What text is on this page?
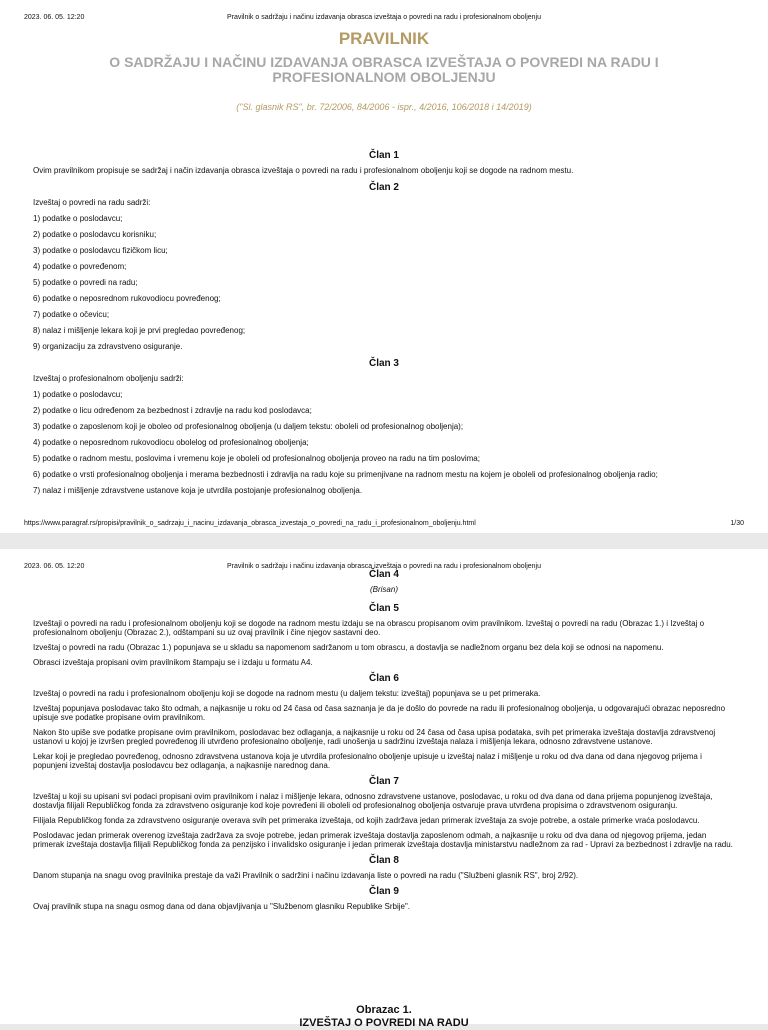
2023. 06. 05. 12:20	Pravilnik o sadržaju i načinu izdavanja obrasca izveštaja o povredi na radu i profesionalnom oboljenju
PRAVILNIK
O SADRŽAJU I NAČINU IZDAVANJA OBRASCA IZVEŠTAJA O POVREDI NA RADU I PROFESIONALNOM OBOLJENJU
("Sl. glasnik RS", br. 72/2006, 84/2006 - ispr., 4/2016, 106/2018 i 14/2019)
Član 1
Ovim pravilnikom propisuje se sadržaj i način izdavanja obrasca izveštaja o povredi na radu i profesionalnom oboljenju koji se dogode na radnom mestu.
Član 2
Izveštaj o povredi na radu sadrži:
1) podatke o poslodavcu;
2) podatke o poslodavcu korisniku;
3) podatke o poslodavcu fizičkom licu;
4) podatke o povređenom;
5) podatke o povredi na radu;
6) podatke o neposrednom rukovodiocu povređenog;
7) podatke o očevicu;
8) nalaz i mišljenje lekara koji je prvi pregledao povređenog;
9) organizaciju za zdravstveno osiguranje.
Član 3
Izveštaj o profesionalnom oboljenju sadrži:
1) podatke o poslodavcu;
2) podatke o licu određenom za bezbednost i zdravlje na radu kod poslodavca;
3) podatke o zaposlenom koji je oboleo od profesionalnog oboljenja (u daljem tekstu: oboleli od profesionalnog oboljenja);
4) podatke o neposrednom rukovodiocu obolelog od profesionalnog oboljenja;
5) podatke o radnom mestu, poslovima i vremenu koje je oboleli od profesionalnog oboljenja proveo na radu na tim poslovima;
6) podatke o vrsti profesionalnog oboljenja i merama bezbednosti i zdravlja na radu koje su primenjivane na radnom mestu na kojem je oboleli od profesionalnog oboljenja radio;
7) nalaz i mišljenje zdravstvene ustanove koja je utvrdila postojanje profesionalnog oboljenja.
https://www.paragraf.rs/propisi/pravilnik_o_sadrzaju_i_nacinu_izdavanja_obrasca_izvestaja_o_povredi_na_radu_i_profesionalnom_oboljenju.html	1/30
2023. 06. 05. 12:20	Pravilnik o sadržaju i načinu izdavanja obrasca izveštaja o povredi na radu i profesionalnom oboljenju
Član 4
(Brisan)
Član 5
Izveštaji o povredi na radu i profesionalnom oboljenju koji se dogode na radnom mestu izdaju se na obrascu propisanom ovim pravilnikom. Izveštaj o povredi na radu (Obrazac 1.) i Izveštaj o profesionalnom oboljenju (Obrazac 2.), odštampani su uz ovaj pravilnik i čine njegov sastavni deo.
Izveštaj o povredi na radu (Obrazac 1.) popunjava se u skladu sa napomenom sadržanom u tom obrascu, a dostavlja se nadležnom organu bez dela koji se odnosi na napomenu.
Obrasci izveštaja propisani ovim pravilnikom štampaju se i izdaju u formatu A4.
Član 6
Izveštaj o povredi na radu i profesionalnom oboljenju koji se dogode na radnom mestu (u daljem tekstu: izveštaj) popunjava se u pet primeraka.
Izveštaj popunjava poslodavac tako što odmah, a najkasnije u roku od 24 časa od časa saznanja je da je došlo do povrede na radu ili profesionalnog oboljenja, u odgovarajući obrazac neposredno upisuje sve podatke propisane ovim pravilnikom.
Nakon što upiše sve podatke propisane ovim pravilnikom, poslodavac bez odlaganja, a najkasnije u roku od 24 časa od časa upisa podataka, svih pet primeraka izveštaja dostavlja zdravstvenoj ustanovi u kojoj je izvršen pregled povređenog ili utvrđeno profesionalno oboljenje, radi unošenja u sadržinu izveštaja nalaza i mišljenja lekara, odnosno zdravstvene ustanove.
Lekar koji je pregledao povređenog, odnosno zdravstvena ustanova koja je utvrdila profesionalno oboljenje upisuje u izveštaj nalaz i mišljenje u roku od dva dana od dana njegovog prijema i popunjeni izveštaj dostavlja poslodavcu bez odlaganja, a najkasnije narednog dana.
Član 7
Izveštaj u koji su upisani svi podaci propisani ovim pravilnikom i nalaz i mišljenje lekara, odnosno zdravstvene ustanove, poslodavac, u roku od dva dana od dana prijema popunjenog izveštaja, dostavlja filijali Republičkog fonda za zdravstveno osiguranje kod koje povređeni ili oboleli od profesionalnog oboljenja ostvaruje prava utvrđena propisima o zdravstvenom osiguranju.
Filijala Republičkog fonda za zdravstveno osiguranje overava svih pet primeraka izveštaja, od kojih zadržava jedan primerak izveštaja za svoje potrebe, a ostale primerke vraća poslodavcu.
Poslodavac jedan primerak overenog izveštaja zadržava za svoje potrebe, jedan primerak izveštaja dostavlja zaposlenom odmah, a najkasnije u roku od dva dana od njegovog prijema, jedan primerak izveštaja dostavlja filijali Republičkog fonda za penzijsko i invalidsko osiguranje i jedan primerak izveštaja dostavlja ministarstvu nadležnom za rad - Upravi za bezbednost i zdravlje na radu.
Član 8
Danom stupanja na snagu ovog pravilnika prestaje da važi Pravilnik o sadržini i načinu izdavanja liste o povredi na radu ("Službeni glasnik RS", broj 2/92).
Član 9
Ovaj pravilnik stupa na snagu osmog dana od dana objavljivanja u "Službenom glasniku Republike Srbije".
Obrazac 1.
IZVEŠTAJ O POVREDI NA RADU
